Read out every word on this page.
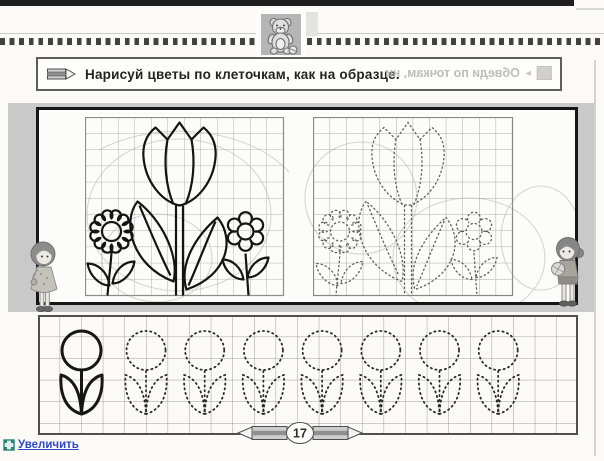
Нарисуй цветы по клеточкам, как на образце.	►
Обведи по точкам, ни
17
Увеличить
